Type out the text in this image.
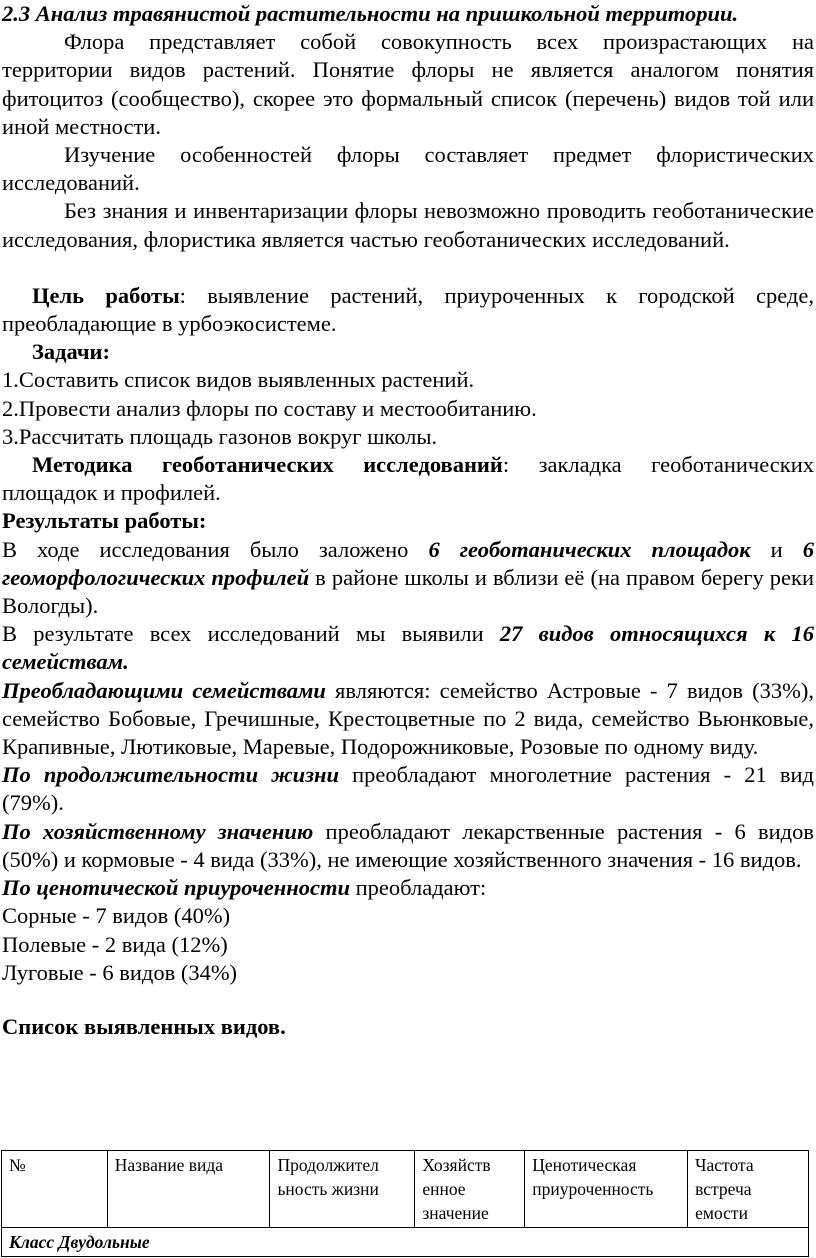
2.3 Анализ травянистой растительности на пришкольной территории.

Флора представляет собой совокупность всех произрастающих на территории видов растений. Понятие флоры не является аналогом понятия фитоцитоз (сообщество), скорее это формальный список (перечень) видов той или иной местности.

Изучение особенностей флоры составляет предмет флористических исследований.

Без знания и инвентаризации флоры невозможно проводить геоботанические исследования, флористика является частью геоботанических исследований.

Цель работы: выявление растений, приуроченных к городской среде, преобладающие в урбоэкосистеме.

Задачи:

1.Составить список видов выявленных растений.

2.Провести анализ флоры по составу и местообитанию.

3.Рассчитать площадь газонов вокруг школы.

Методика геоботанических исследований: закладка геоботанических площадок и профилей.

Результаты работы:

В ходе исследования было заложено 6 геоботанических площадок и 6 геоморфологических профилей в районе школы и вблизи её (на правом берегу реки Вологды).

В результате всех исследований мы выявили 27 видов относящихся к 16 семействам.

Преобладающими семействами являются: семейство Астровые - 7 видов (33%), семейство Бобовые, Гречишные, Крестоцветные по 2 вида, семейство Вьюнковые, Крапивные, Лютиковые, Маревые, Подорожниковые, Розовые по одному виду.

По продолжительности жизни преобладают многолетние растения - 21 вид (79%).

По хозяйственному значению преобладают лекарственные растения - 6 видов (50%) и кормовые - 4 вида (33%), не имеющие хозяйственного значения - 16 видов.

По ценотической приуроченности преобладают:

Сорные - 7 видов (40%)

Полевые - 2 вида (12%)

Луговые - 6 видов (34%)

Список выявленных видов.

№	Название вида	Продолжител ьность жизни	Хозяйств енное значение	Ценотическая приуроченность	Частота встреча емости
Класс Двудольные
